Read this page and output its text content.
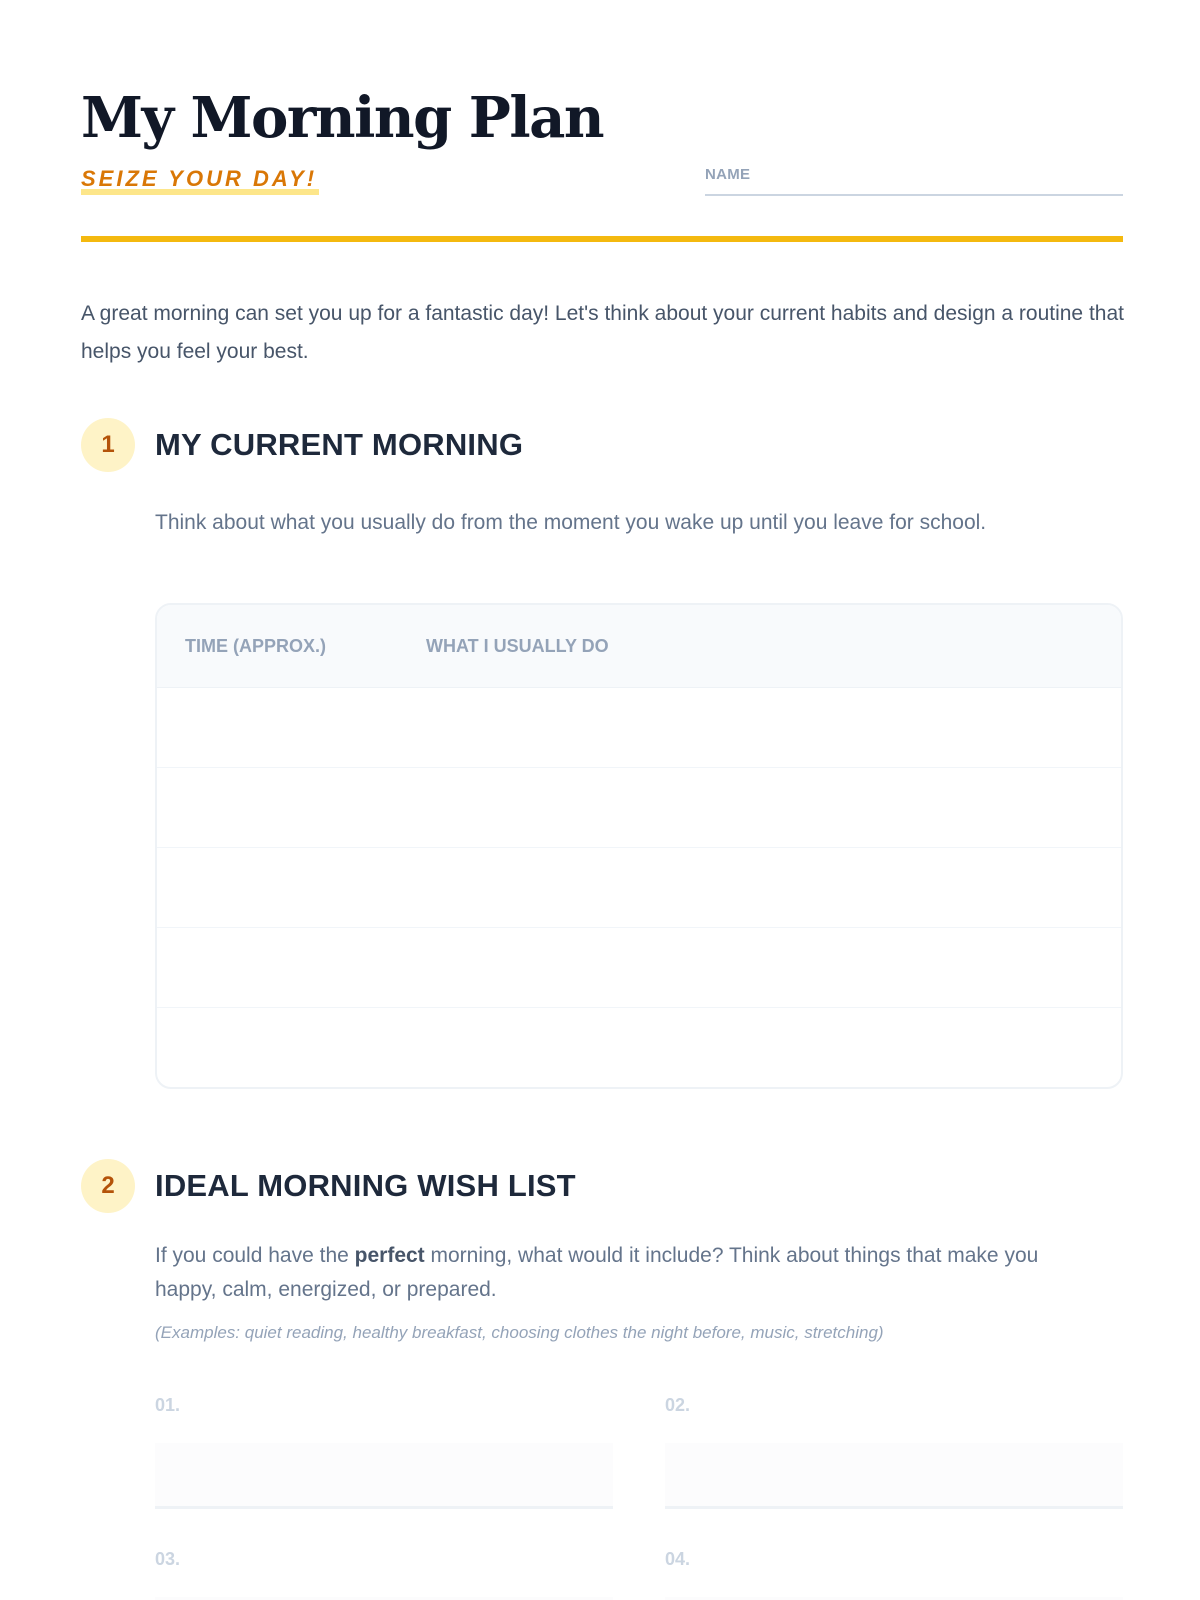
My Morning Plan
SEIZE YOUR DAY!	NAME

A great morning can set you up for a fantastic day! Let's think about your current habits and design a routine that helps you feel your best.

1	MY CURRENT MORNING

Think about what you usually do from the moment you wake up until you leave for school.

TIME (APPROX.)	WHAT I USUALLY DO
2	IDEAL MORNING WISH LIST

If you could have the perfect morning, what would it include? Think about things that make you happy, calm, energized, or prepared.

(Examples: quiet reading, healthy breakfast, choosing clothes the night before, music, stretching)

01.	02.
03.	04.
